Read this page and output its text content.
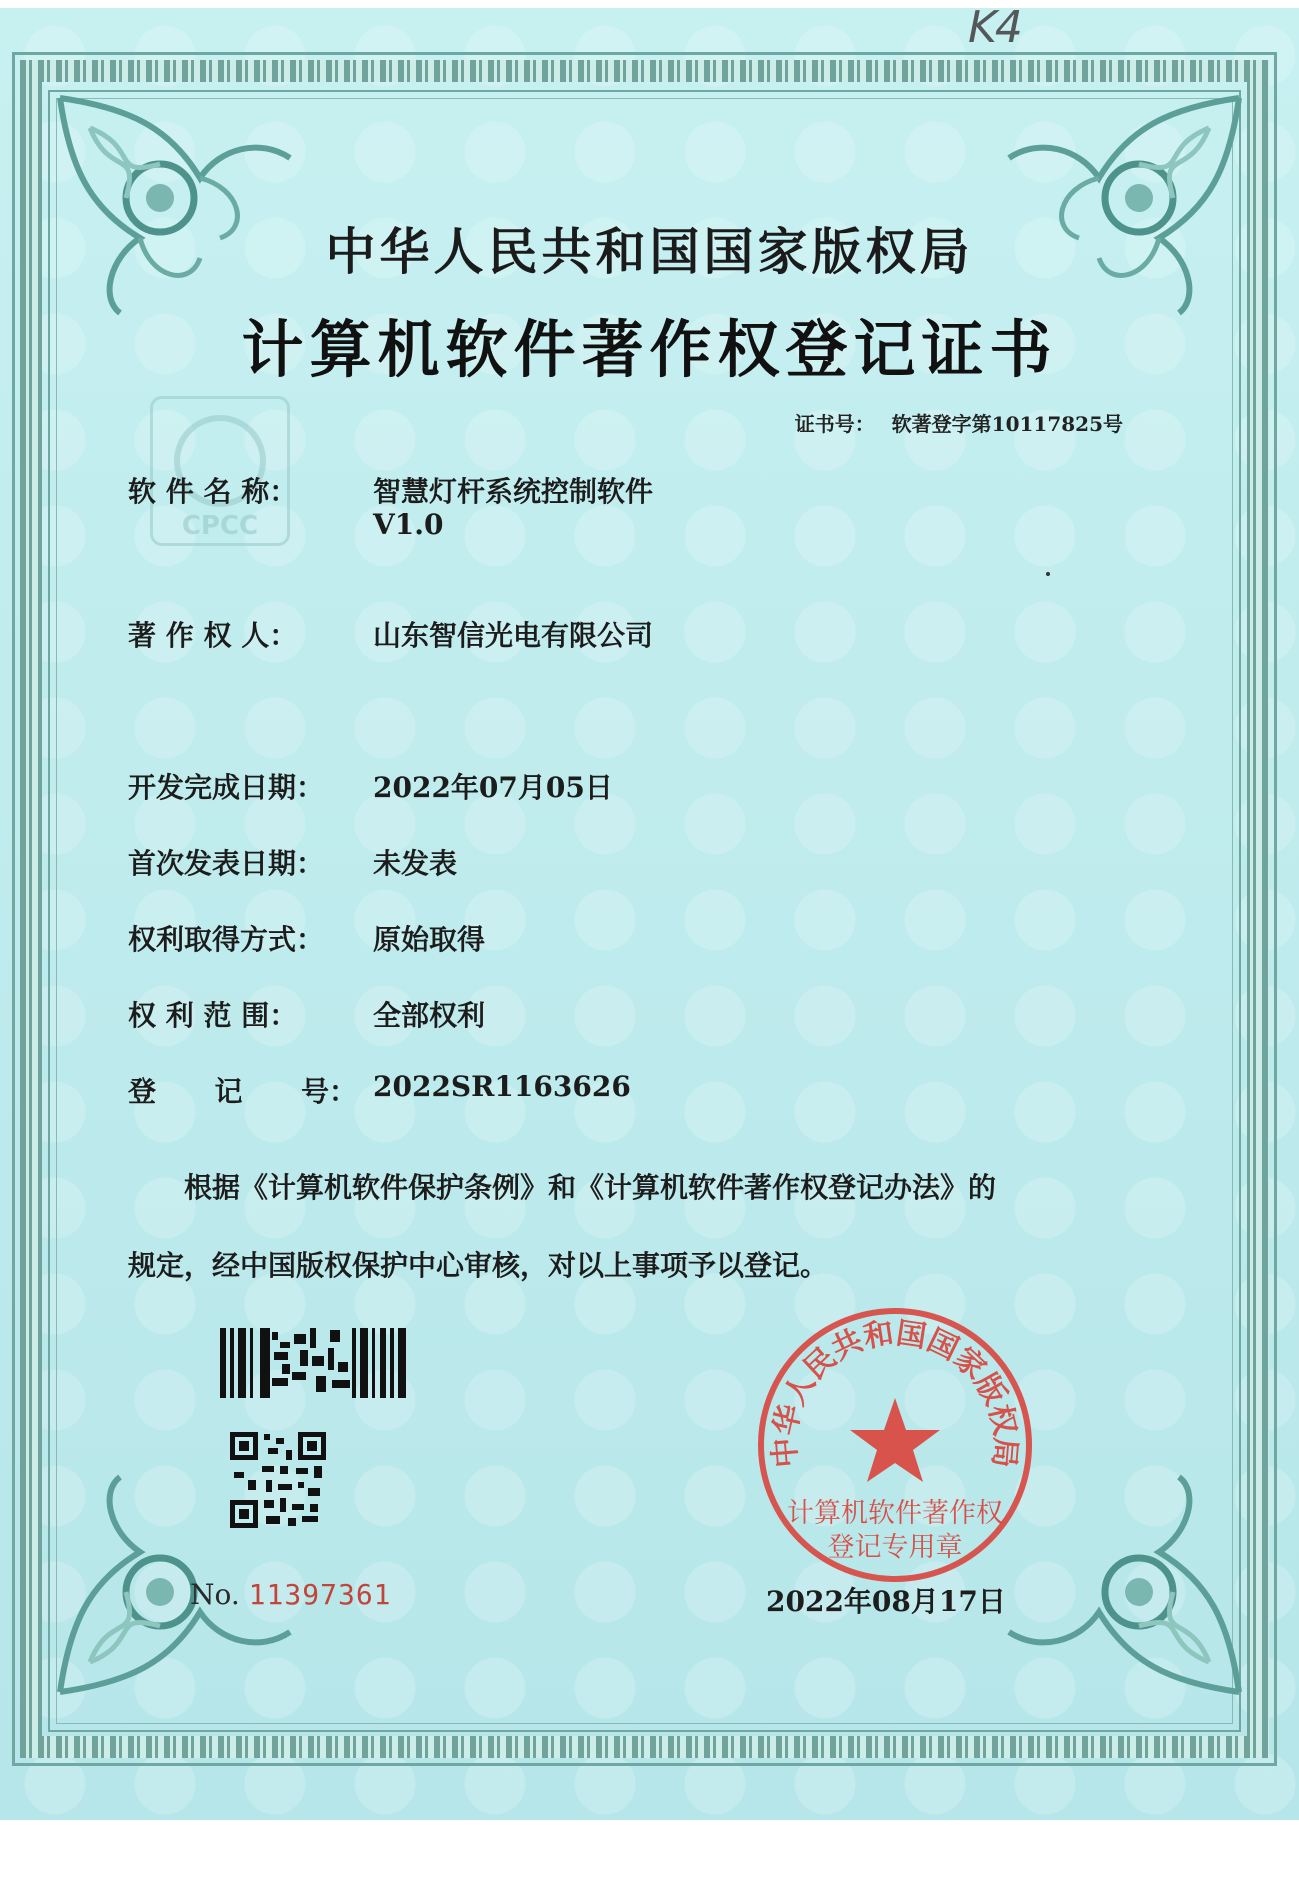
K4
中华人民共和国国家版权局
计算机软件著作权登记证书
证书号： 软著登字第10117825号
CPCC
软 件 名 称：	智慧灯杆系统控制软件
V1.0
著 作 权 人：	山东智信光电有限公司
开发完成日期： 2022年07月05日
首次发表日期： 未发表
权利取得方式： 原始取得
权 利 范 围：	全部权利
登      记      号： 2022SR1163626
根据《计算机软件保护条例》和《计算机软件著作权登记办法》的
规定，经中国版权保护中心审核，对以上事项予以登记。
No. 11397361
中华人民共和国国家版权局
计算机软件著作权
登记专用章
2022年08月17日
